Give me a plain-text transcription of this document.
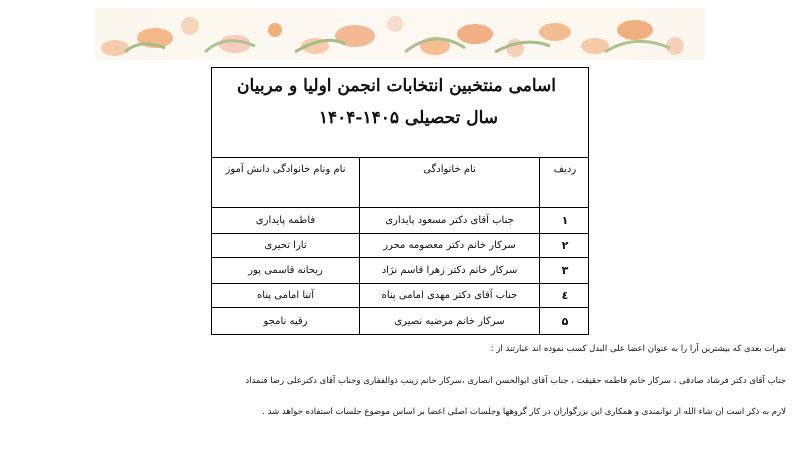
اسامی منتخبین انتخابات انجمن اولیا و مربیان
سال تحصیلی ۱۴۰۵-۱۴۰۴
ردیف
نام خانوادگی
نام ونام خانوادگی دانش آموز
۱
جناب آقای دکتر مسعود پایداری
فاطمه پایداری
۲
سرکار خانم دکتر معصومه محرر
تارا تحیری
۳
سرکار خانم دکتر زهرا قاسم نژاد
ریحانه قاسمی پور
٤
جناب آقای دکتر مهدی امامی پناه
آتنا امامی پناه
۵
سرکار خانم مرضیه نصیری
رقیه نامجو
نفرات بعدی که بیشترین آرا را به عنوان اعضا علی البدل کسب نموده اند عبارتند از :
جناب آقای دکتر فرشاد صادقی ، سرکار خانم فاطمه حقیقت ، جناب آقای ابوالحسن انصاری ،سرکار خانم زینب ذوالفقاری وجناب آقای دکترعلی رضا قنمداد
لازم به ذکر است ان شاء الله از توانمندی و همکاری این بزرگواران در کار گروهها وجلسات اصلی اعضا بر اساس موضوع جلسات استفاده خواهد شد .
